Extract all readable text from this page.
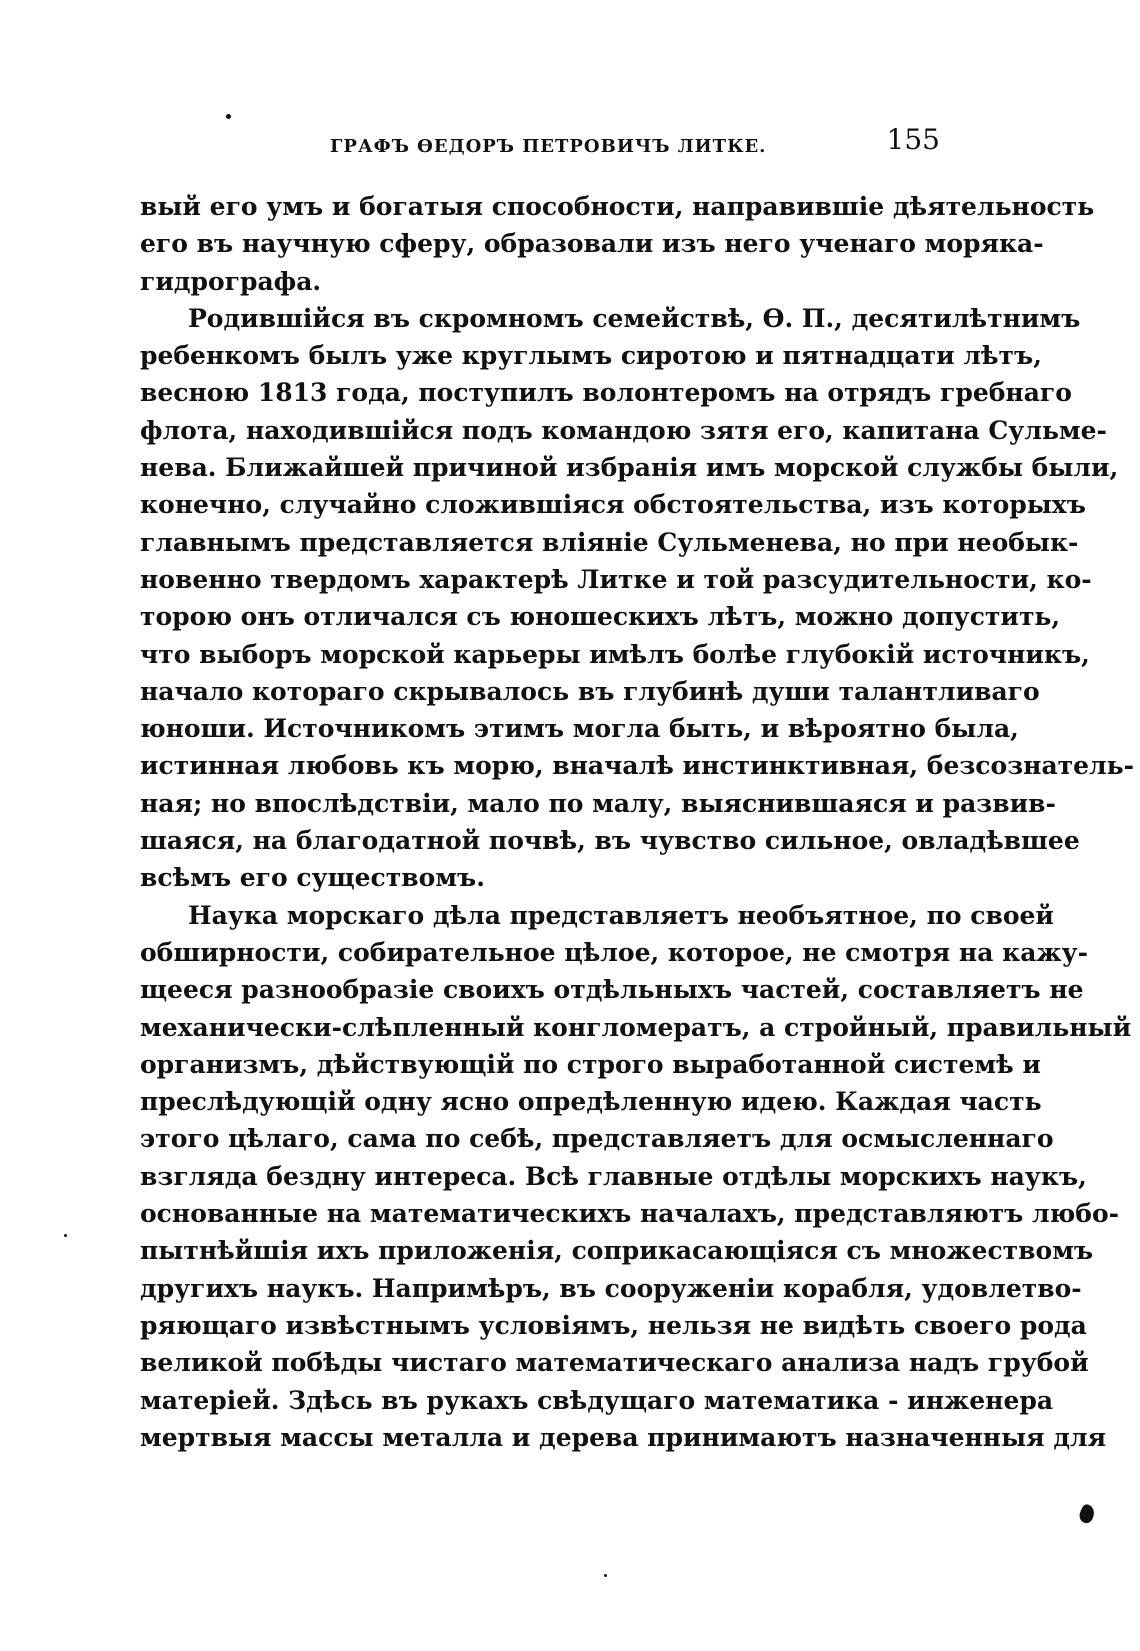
ГРАФЪ ѲЕДОРЪ ПЕТРОВИЧЪ ЛИТКЕ.	155
вый его умъ и богатыя способности, направившіе дѣятельность
его въ научную сферу, образовали изъ него ученаго моряка-
гидрографа.
Родившійся въ скромномъ семействѣ, Ѳ. П., десятилѣтнимъ
ребенкомъ былъ уже круглымъ сиротою и пятнадцати лѣтъ,
весною 1813 года, поступилъ волонтеромъ на отрядъ гребнаго
флота, находившійся подъ командою зятя его, капитана Сульме-
нева. Ближайшей причиной избранія имъ морской службы были,
конечно, случайно сложившіяся обстоятельства, изъ которыхъ
главнымъ представляется вліяніе Сульменева, но при необык-
новенно твердомъ характерѣ Литке и той разсудительности, ко-
торою онъ отличался съ юношескихъ лѣтъ, можно допустить,
что выборъ морской карьеры имѣлъ болѣе глубокій источникъ,
начало котораго скрывалось въ глубинѣ души талантливаго
юноши. Источникомъ этимъ могла быть, и вѣроятно была,
истинная любовь къ морю, вначалѣ инстинктивная, безсознатель-
ная; но впослѣдствіи, мало по малу, выяснившаяся и развив-
шаяся, на благодатной почвѣ, въ чувство сильное, овладѣвшее
всѣмъ его существомъ.
Наука морскаго дѣла представляетъ необъятное, по своей
обширности, собирательное цѣлое, которое, не смотря на кажу-
щееся разнообразіе своихъ отдѣльныхъ частей, составляетъ не
механически-слѣпленный конгломератъ, а стройный, правильный
организмъ, дѣйствующій по строго выработанной системѣ и
преслѣдующій одну ясно опредѣленную идею. Каждая часть
этого цѣлаго, сама по себѣ, представляетъ для осмысленнаго
взгляда бездну интереса. Всѣ главные отдѣлы морскихъ наукъ,
основанные на математическихъ началахъ, представляютъ любо-
пытнѣйшія ихъ приложенія, соприкасающіяся съ множествомъ
другихъ наукъ. Напримѣръ, въ сооруженіи корабля, удовлетво-
ряющаго извѣстнымъ условіямъ, нельзя не видѣть своего рода
великой побѣды чистаго математическаго анализа надъ грубой
матеріей. Здѣсь въ рукахъ свѣдущаго математика - инженера
мертвыя массы металла и дерева принимаютъ назначенныя для
